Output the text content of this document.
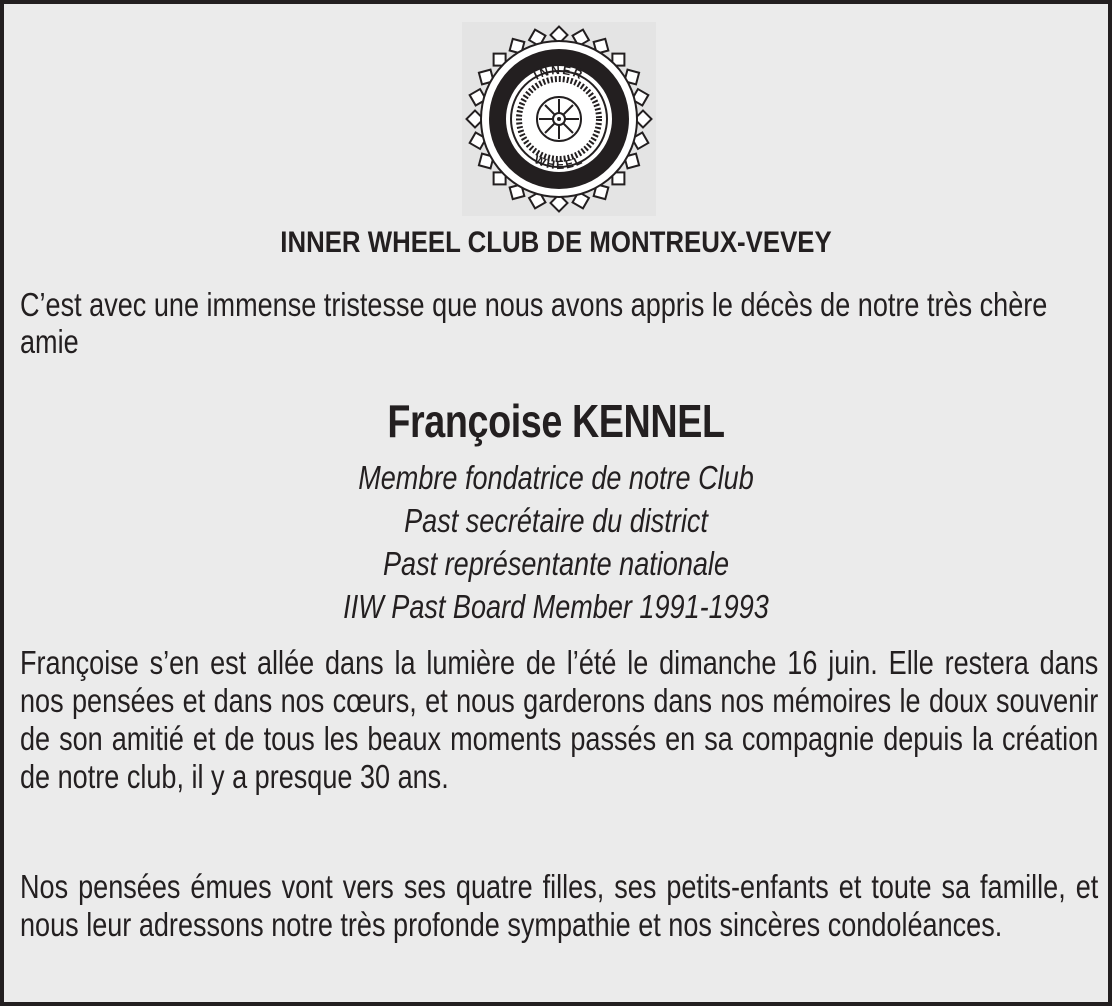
INNER
WHEEL
INNER WHEEL CLUB DE MONTREUX-VEVEY

C’est avec une immense tristesse que nous avons appris le décès de notre très chère amie

Françoise KENNEL
Membre fondatrice de notre Club
Past secrétaire du district
Past représentante nationale
IIW Past Board Member 1991-1993

Françoise s’en est allée dans la lumière de l’été le dimanche 16 juin. Elle restera dans nos pensées et dans nos cœurs, et nous garderons dans nos mémoires le doux souvenir de son amitié et de tous les beaux moments passés en sa compagnie depuis la création de notre club, il y a presque 30 ans.

Nos pensées émues vont vers ses quatre filles, ses petits-enfants et toute sa famille, et nous leur adressons notre très profonde sympathie et nos sincères condoléances.
